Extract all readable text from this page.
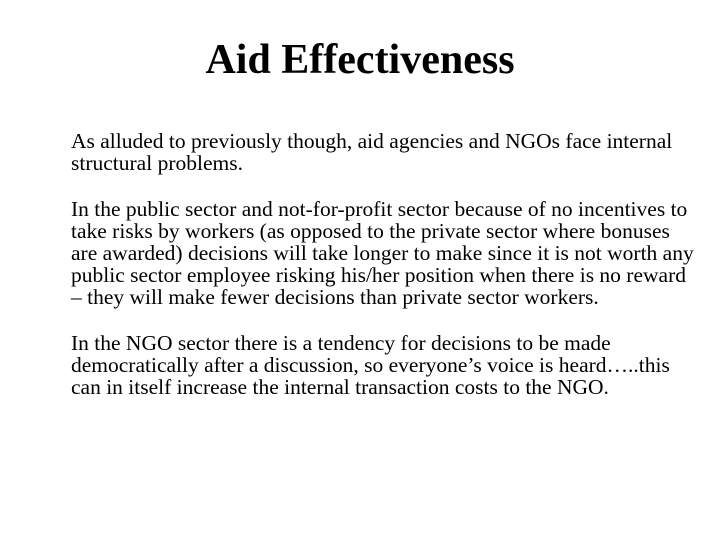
Aid Effectiveness

As alluded to previously though, aid agencies and NGOs face internal structural problems.

In the public sector and not-for-profit sector because of no incentives to take risks by workers (as opposed to the private sector where bonuses are awarded) decisions will take longer to make since it is not worth any public sector employee risking his/her position when there is no reward – they will make fewer decisions than private sector workers.

In the NGO sector there is a tendency for decisions to be made democratically after a discussion, so everyone’s voice is heard…..this can in itself increase the internal transaction costs to the NGO.
